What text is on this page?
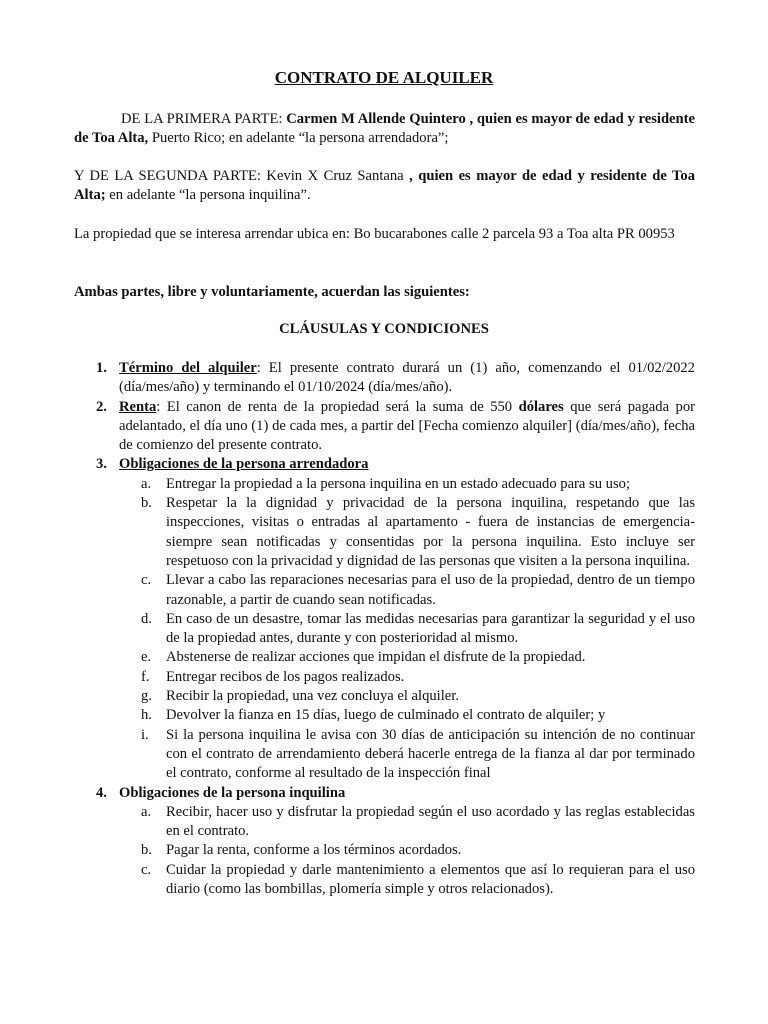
CONTRATO DE ALQUILER

DE LA PRIMERA PARTE: Carmen M Allende Quintero , quien es mayor de edad y residente de Toa Alta, Puerto Rico; en adelante “la persona arrendadora”;

Y DE LA SEGUNDA PARTE: Kevin X Cruz Santana , quien es mayor de edad y residente de Toa Alta; en adelante “la persona inquilina”.

La propiedad que se interesa arrendar ubica en: Bo bucarabones calle 2 parcela 93 a Toa alta PR 00953

Ambas partes, libre y voluntariamente, acuerdan las siguientes:

CLÁUSULAS Y CONDICIONES
1. Término del alquiler: El presente contrato durará un (1) año, comenzando el 01/02/2022 (día/mes/año) y terminando el 01/10/2024 (día/mes/año).
2. Renta: El canon de renta de la propiedad será la suma de 550 dólares que será pagada por adelantado, el día uno (1) de cada mes, a partir del [Fecha comienzo alquiler] (día/mes/año), fecha de comienzo del presente contrato.
3. Obligaciones de la persona arrendadora
a. Entregar la propiedad a la persona inquilina en un estado adecuado para su uso;
b. Respetar la la dignidad y privacidad de la persona inquilina, respetando que las inspecciones, visitas o entradas al apartamento - fuera de instancias de emergencia- siempre sean notificadas y consentidas por la persona inquilina. Esto incluye ser respetuoso con la privacidad y dignidad de las personas que visiten a la persona inquilina.
c. Llevar a cabo las reparaciones necesarias para el uso de la propiedad, dentro de un tiempo razonable, a partir de cuando sean notificadas.
d. En caso de un desastre, tomar las medidas necesarias para garantizar la seguridad y el uso de la propiedad antes, durante y con posterioridad al mismo.
e. Abstenerse de realizar acciones que impidan el disfrute de la propiedad.
f. Entregar recibos de los pagos realizados.
g. Recibir la propiedad, una vez concluya el alquiler.
h. Devolver la fianza en 15 días, luego de culminado el contrato de alquiler; y
i. Si la persona inquilina le avisa con 30 días de anticipación su intención de no continuar con el contrato de arrendamiento deberá hacerle entrega de la fianza al dar por terminado el contrato, conforme al resultado de la inspección final
4. Obligaciones de la persona inquilina
a. Recibir, hacer uso y disfrutar la propiedad según el uso acordado y las reglas establecidas en el contrato.
b. Pagar la renta, conforme a los términos acordados.
c. Cuidar la propiedad y darle mantenimiento a elementos que así lo requieran para el uso diario (como las bombillas, plomería simple y otros relacionados).
